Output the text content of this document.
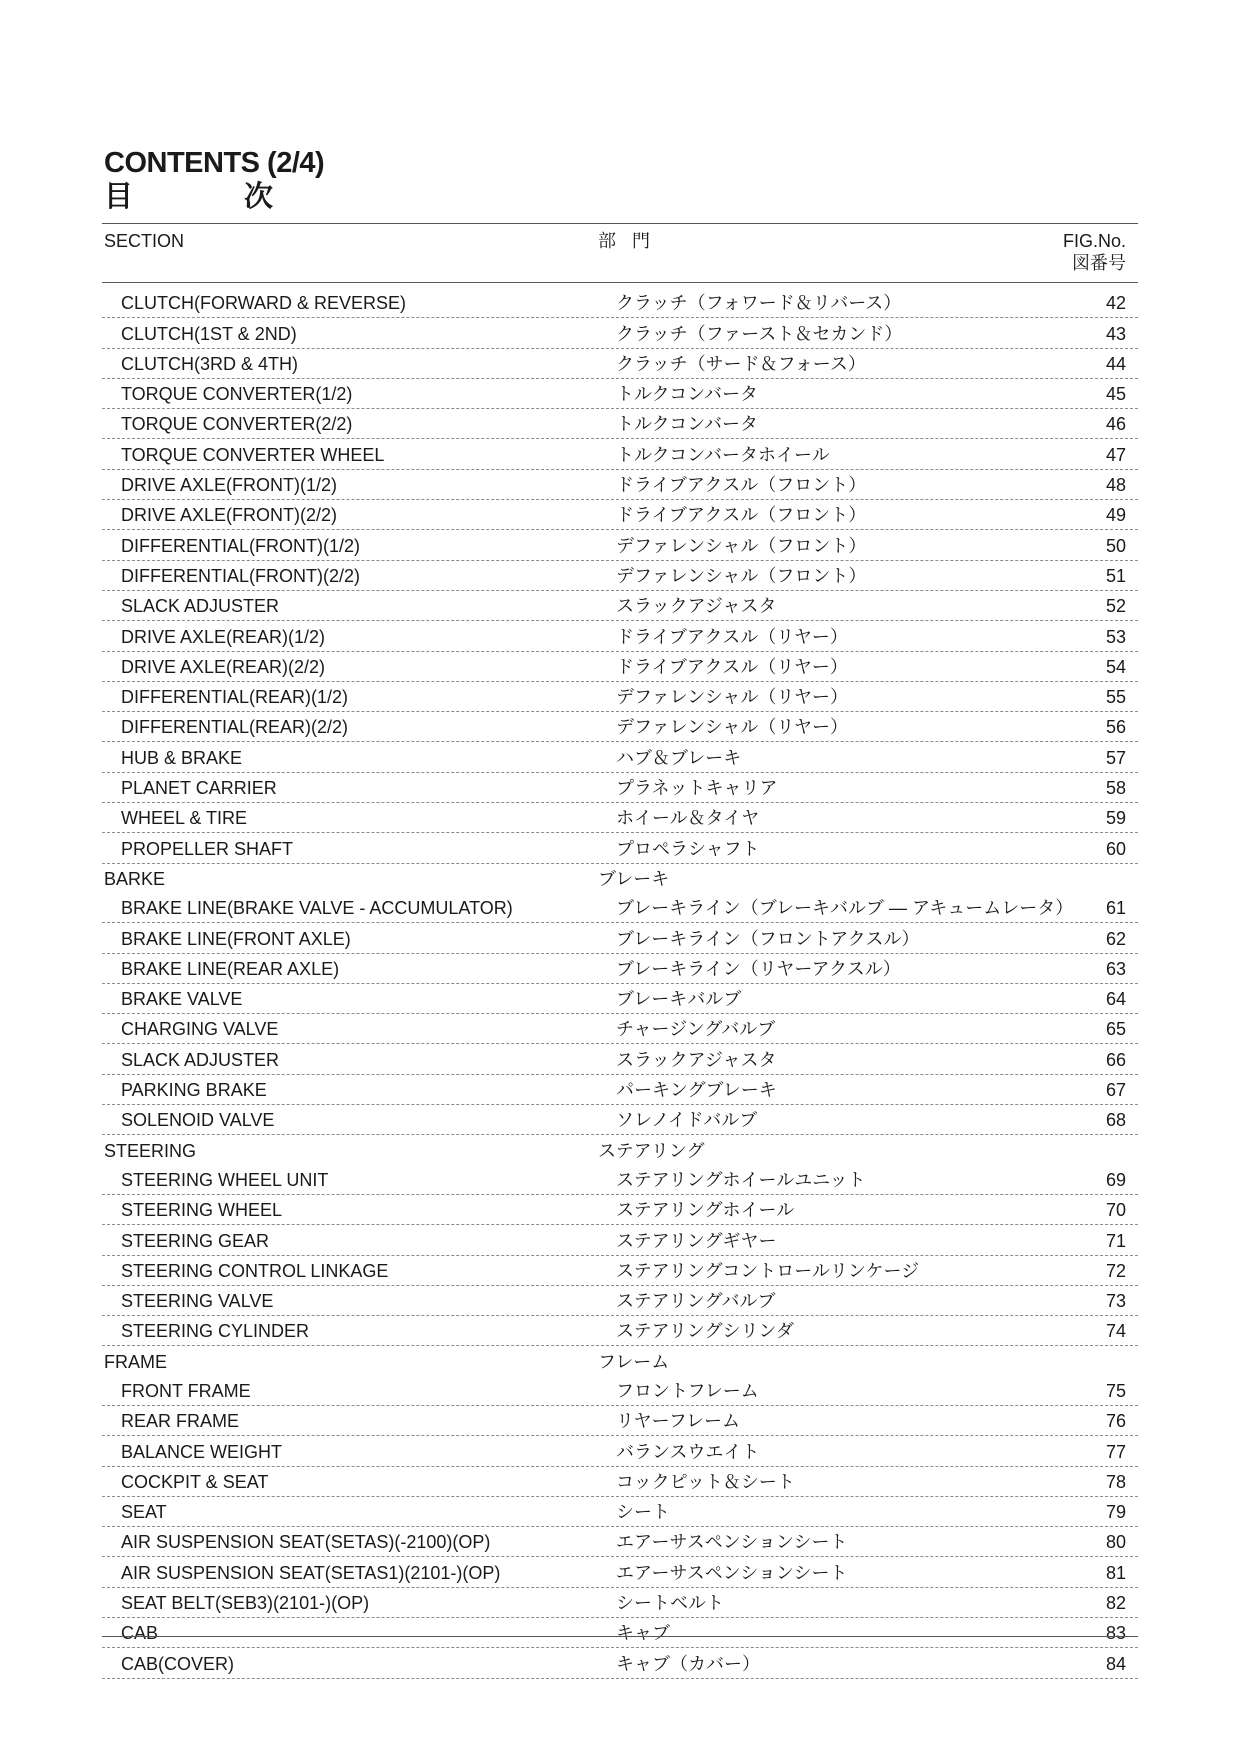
CONTENTS (2/4)
目	次
SECTION	部 門	FIG.No.
図番号
CLUTCH(FORWARD & REVERSE)	クラッチ（フォワード＆リバース）	42
CLUTCH(1ST & 2ND)	クラッチ（ファースト＆セカンド）	43
CLUTCH(3RD & 4TH)	クラッチ（サード＆フォース）	44
TORQUE CONVERTER(1/2)	トルクコンバータ	45
TORQUE CONVERTER(2/2)	トルクコンバータ	46
TORQUE CONVERTER WHEEL	トルクコンバータホイール	47
DRIVE AXLE(FRONT)(1/2)	ドライブアクスル（フロント）	48
DRIVE AXLE(FRONT)(2/2)	ドライブアクスル（フロント）	49
DIFFERENTIAL(FRONT)(1/2)	デファレンシャル（フロント）	50
DIFFERENTIAL(FRONT)(2/2)	デファレンシャル（フロント）	51
SLACK ADJUSTER	スラックアジャスタ	52
DRIVE AXLE(REAR)(1/2)	ドライブアクスル（リヤー）	53
DRIVE AXLE(REAR)(2/2)	ドライブアクスル（リヤー）	54
DIFFERENTIAL(REAR)(1/2)	デファレンシャル（リヤー）	55
DIFFERENTIAL(REAR)(2/2)	デファレンシャル（リヤー）	56
HUB & BRAKE	ハブ＆ブレーキ	57
PLANET CARRIER	プラネットキャリア	58
WHEEL & TIRE	ホイール＆タイヤ	59
PROPELLER SHAFT	プロペラシャフト	60
BARKE	ブレーキ
BRAKE LINE(BRAKE VALVE - ACCUMULATOR)	ブレーキライン（ブレーキバルブ ― アキュームレータ） 61
BRAKE LINE(FRONT AXLE)	ブレーキライン（フロントアクスル）	62
BRAKE LINE(REAR AXLE)	ブレーキライン（リヤーアクスル）	63
BRAKE VALVE	ブレーキバルブ	64
CHARGING VALVE	チャージングバルブ	65
SLACK ADJUSTER	スラックアジャスタ	66
PARKING BRAKE	パーキングブレーキ	67
SOLENOID VALVE	ソレノイドバルブ	68
STEERING	ステアリング
STEERING WHEEL UNIT	ステアリングホイールユニット	69
STEERING WHEEL	ステアリングホイール	70
STEERING GEAR	ステアリングギヤー	71
STEERING CONTROL LINKAGE	ステアリングコントロールリンケージ	72
STEERING VALVE	ステアリングバルブ	73
STEERING CYLINDER	ステアリングシリンダ	74
FRAME	フレーム
FRONT FRAME	フロントフレーム	75
REAR FRAME	リヤーフレーム	76
BALANCE WEIGHT	バランスウエイト	77
COCKPIT & SEAT	コックピット＆シート	78
SEAT	シート	79
AIR SUSPENSION SEAT(SETAS)(-2100)(OP)	エアーサスペンションシート	80
AIR SUSPENSION SEAT(SETAS1)(2101-)(OP)	エアーサスペンションシート	81
SEAT BELT(SEB3)(2101-)(OP)	シートベルト	82
CAB	キャブ	83
CAB(COVER)	キャブ（カバー）	84
